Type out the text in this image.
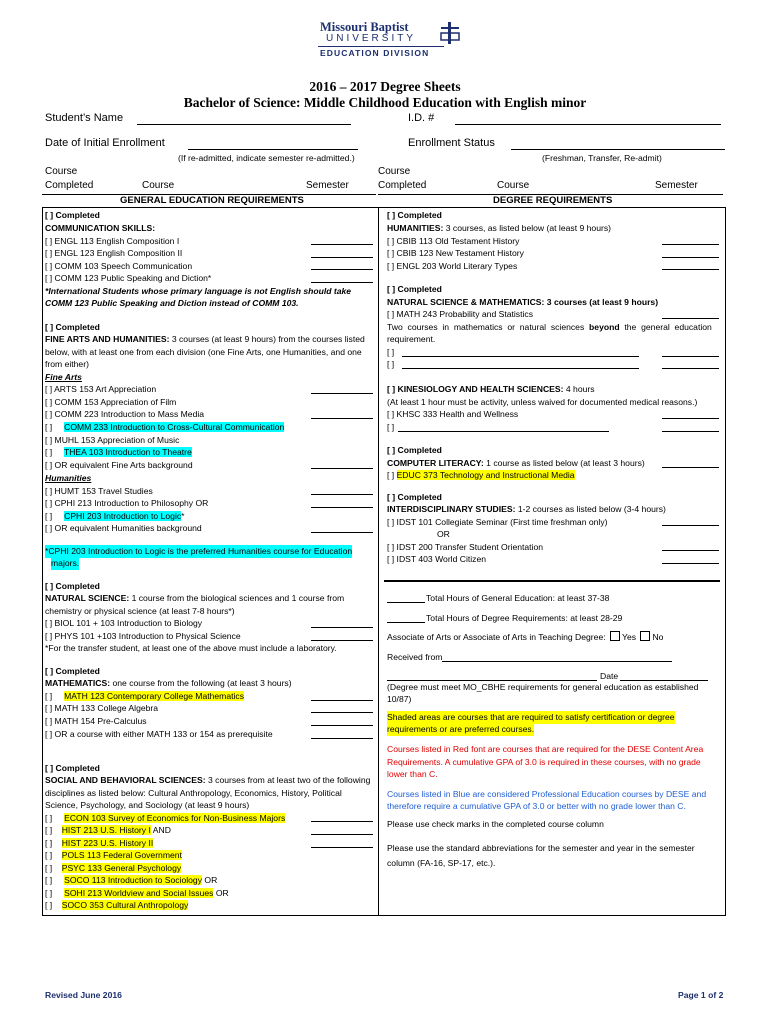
Missouri Baptist
UNIVERSITY
EDUCATION DIVISION
2016 – 2017 Degree Sheets
Bachelor of Science: Middle Childhood Education with English minor
Student’s Name	I.D. #
Date of Initial Enrollment	Enrollment Status
(If re-admitted, indicate semester re-admitted.)	(Freshman, Transfer, Re-admit)
Course
Completed	Course	Semester
GENERAL EDUCATION REQUIREMENTS
Course
Completed	Course	Semester
DEGREE REQUIREMENTS
[ ] Completed
COMMUNICATION SKILLS:
[ ] ENGL 113 English Composition I
[ ] ENGL 123 English Composition II
[ ] COMM 103 Speech Communication
[ ] COMM 123 Public Speaking and Diction*
*International Students whose primary language is not English should take
COMM 123 Public Speaking and Diction instead of COMM 103.
[ ] Completed
FINE ARTS AND HUMANITIES: 3 courses (at least 9 hours) from the courses listed
below, with at least one from each division (one Fine Arts, one Humanities, and one
from either)
Fine Arts
[ ] ARTS 153 Art Appreciation
[ ] COMM 153 Appreciation of Film
[ ] COMM 223 Introduction to Mass Media
[ ]     COMM 233 Introduction to Cross-Cultural Communication
[ ] MUHL 153 Appreciation of Music
[ ]     THEA 103 Introduction to Theatre
[ ] OR equivalent Fine Arts background
Humanities
[ ] HUMT 153 Travel Studies
[ ] CPHI 213 Introduction to Philosophy OR
[ ]     CPHI 203 Introduction to Logic*
[ ] OR equivalent Humanities background
*CPHI 203 Introduction to Logic is the preferred Humanities course for Education
majors.
[ ] Completed
NATURAL SCIENCE: 1 course from the biological sciences and 1 course from
chemistry or physical science (at least 7-8 hours*)
[ ] BIOL 101 + 103 Introduction to Biology
[ ] PHYS 101 +103 Introduction to Physical Science
*For the transfer student, at least one of the above must include a laboratory.
[ ] Completed
MATHEMATICS: one course from the following (at least 3 hours)
[ ]     MATH 123 Contemporary College Mathematics
[ ] MATH 133 College Algebra
[ ] MATH 154 Pre-Calculus
[ ] OR a course with either MATH 133 or 154 as prerequisite
[ ] Completed
SOCIAL AND BEHAVIORAL SCIENCES: 3 courses from at least two of the following
disciplines as listed below: Cultural Anthropology, Economics, History, Political
Science, Psychology, and Sociology (at least 9 hours)
[ ]     ECON 103 Survey of Economics for Non-Business Majors
[ ]    HIST 213 U.S. History I AND
[ ]    HIST 223 U.S. History II
[ ]    POLS 113 Federal Government
[ ]    PSYC 133 General Psychology
[ ]     SOCO 113 Introduction to Sociology OR
[ ]     SOHI 213 Worldview and Social Issues OR
[ ]    SOCO 353 Cultural Anthropology
[ ] Completed
HUMANITIES: 3 courses, as listed below (at least 9 hours)
[ ] CBIB 113 Old Testament History
[ ] CBIB 123 New Testament History
[ ] ENGL 203 World Literary Types
[ ] Completed
NATURAL SCIENCE & MATHEMATICS: 3 courses (at least 9 hours)
[ ] MATH 243 Probability and Statistics
Two  courses  in  mathematics  or  natural  sciences  beyond  the  general  education
requirement.
[ ]
[ ]
[ ] KINESIOLOGY AND HEALTH SCIENCES: 4 hours
(At least 1 hour must be activity, unless waived for documented medical reasons.)
[ ] KHSC 333 Health and Wellness
[ ]
[ ] Completed
COMPUTER LITERACY: 1 course as listed below (at least 3 hours)
[ ] EDUC 373 Technology and Instructional Media
[ ] Completed
INTERDISCIPLINARY STUDIES: 1-2 courses as listed below (3-4 hours)
[ ] IDST 101 Collegiate Seminar (First time freshman only)
OR
[ ] IDST 200 Transfer Student Orientation
[ ] IDST 403 World Citizen
Total Hours of General Education: at least 37-38
Total Hours of Degree Requirements: at least 28-29
Associate of Arts or Associate of Arts in Teaching Degree: Yes No
Received from
Date
(Degree must meet MO_CBHE requirements for general education as established
10/87)
Shaded areas are courses that are required to satisfy certification or degree
requirements or are preferred courses.
Courses listed in Red font are courses that are required for the DESE Content Area
Requirements. A cumulative GPA of 3.0 is required in these courses, with no grade
lower than C.
Courses listed in Blue are considered Professional Education courses by DESE and
therefore require a cumulative GPA of 3.0 or better with no grade lower than C.
Please use check marks in the completed course column
Please use the standard abbreviations for the semester and year in the semester
column (FA-16, SP-17, etc.).
Revised June 2016	Page 1 of 2
